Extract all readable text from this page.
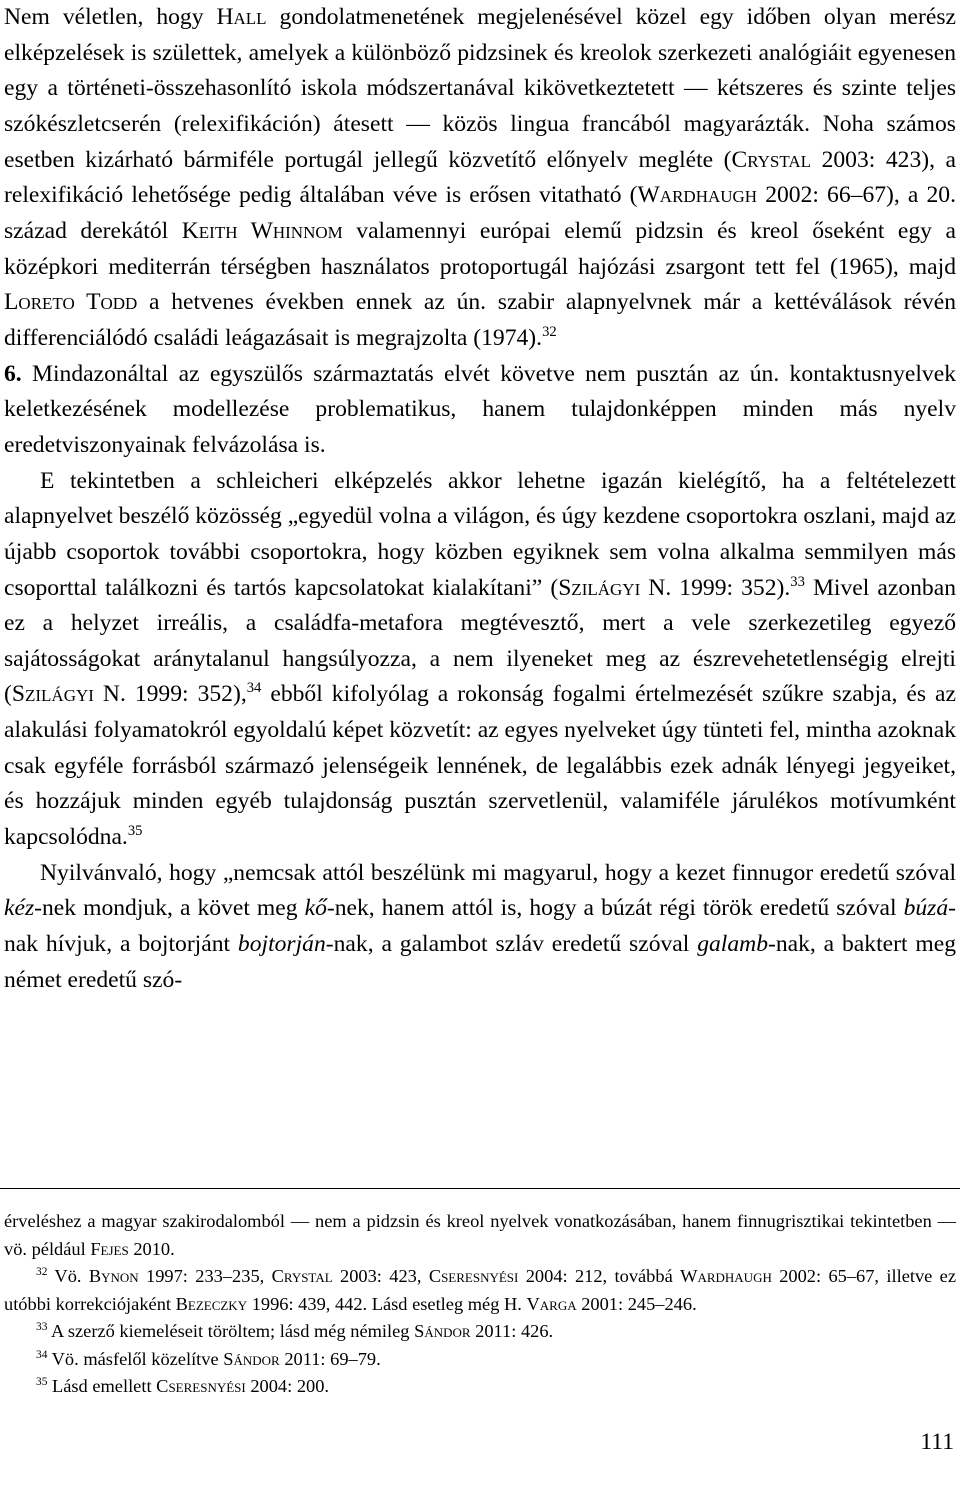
Nem véletlen, hogy Hall gondolatmenetének megjelenésével közel egy időben olyan merész elképzelések is születtek, amelyek a különböző pidzsinek és kreolok szerkezeti analógiáit egyenesen egy a történeti-összehasonlító iskola módszertanával kikövetkeztetett — kétszeres és szinte teljes szókészletcserén (relexifikáción) átesett — közös lingua francából magyarázták. Noha számos esetben kizárható bármiféle portugál jellegű közvetítő előnyelv megléte (Crystal 2003: 423), a relexifikáció lehetősége pedig általában véve is erősen vitatható (Wardhaugh 2002: 66–67), a 20. század derekától Keith Whinnom valamennyi európai elemű pidzsin és kreol őseként egy a középkori mediterrán térségben használatos protoportugál hajózási zsargont tett fel (1965), majd Loreto Todd a hetvenes években ennek az ún. szabir alapnyelvnek már a kettéválások révén differenciálódó családi leágazásait is megrajzolta (1974).$^{32}$

6. Mindazonáltal az egyszülős származtatás elvét követve nem pusztán az ún. kontaktusnyelvek keletkezésének modellezése problematikus, hanem tulajdonképpen minden más nyelv eredetviszonyainak felvázolása is.

E tekintetben a schleicheri elképzelés akkor lehetne igazán kielégítő, ha a feltételezett alapnyelvet beszélő közösség „egyedül volna a világon, és úgy kezdene csoportokra oszlani, majd az újabb csoportok további csoportokra, hogy közben egyiknek sem volna alkalma semmilyen más csoporttal találkozni és tartós kapcsolatokat kialakítani” (Szilágyi N. 1999: 352).$^{33}$ Mivel azonban ez a helyzet irreális, a családfa-metafora megtévesztő, mert a vele szerkezetileg egyező sajátosságokat aránytalanul hangsúlyozza, a nem ilyeneket meg az észrevehetetlenségig elrejti (Szilágyi N. 1999: 352),$^{34}$ ebből kifolyólag a rokonság fogalmi értelmezését szűkre szabja, és az alakulási folyamatokról egyoldalú képet közvetít: az egyes nyelveket úgy tünteti fel, mintha azoknak csak egyféle forrásból származó jelenségeik lennének, de legalábbis ezek adnák lényegi jegyeiket, és hozzájuk minden egyéb tulajdonság pusztán szervetlenül, valamiféle járulékos motívumként kapcsolódna.$^{35}$

Nyilvánvaló, hogy „nemcsak attól beszélünk mi magyarul, hogy a kezet finnugor eredetű szóval kéz-nek mondjuk, a követ meg kő-nek, hanem attól is, hogy a búzát régi török eredetű szóval búzá-nak hívjuk, a bojtorjánt bojtorján-nak, a galambot szláv eredetű szóval galamb-nak, a baktert meg német eredetű szó-

érveléshez a magyar szakirodalomból — nem a pidzsin és kreol nyelvek vonatkozásában, hanem finnugrisztikai tekintetben — vö. például Fejes 2010.

$^{32}$ Vö. Bynon 1997: 233–235, Crystal 2003: 423, Cseresnyési 2004: 212, továbbá Wardhaugh 2002: 65–67, illetve ez utóbbi korrekciójaként Bezeczky 1996: 439, 442. Lásd esetleg még H. Varga 2001: 245–246.

$^{33}$ A szerző kiemeléseit töröltem; lásd még némileg Sándor 2011: 426.

$^{34}$ Vö. másfelől közelítve Sándor 2011: 69–79.

$^{35}$ Lásd emellett Cseresnyési 2004: 200.

111
